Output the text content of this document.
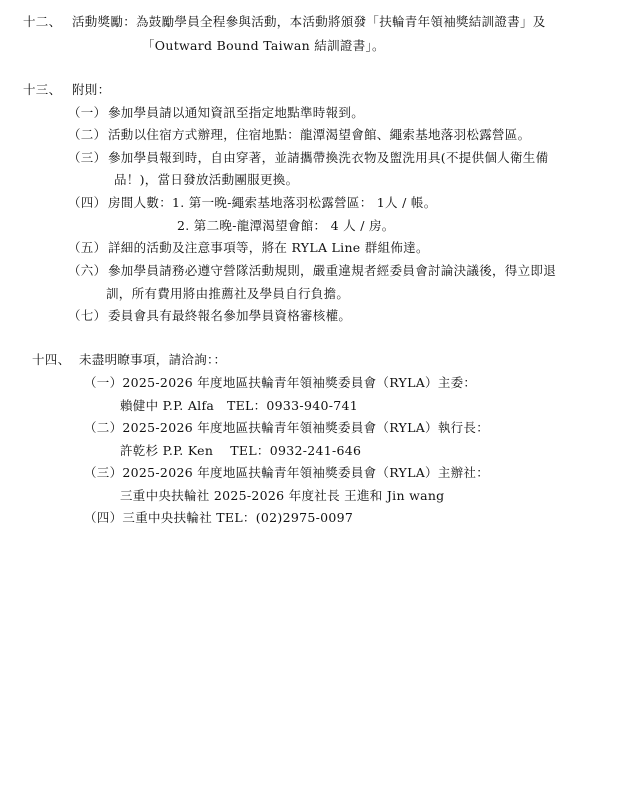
十二、 活動獎勵：為鼓勵學員全程參與活動，本活動將頒發「扶輪青年領袖獎結訓證書」及
「Outward Bound Taiwan 結訓證書」。
十三、 附則：
（一） 參加學員請以通知資訊至指定地點準時報到。
（二） 活動以住宿方式辦理，住宿地點：龍潭渴望會館、繩索基地落羽松露營區。
（三） 參加學員報到時，自由穿著，並請攜帶換洗衣物及盥洗用具(不提供個人衛生備
品！)，當日發放活動團服更換。
（四） 房間人數：1. 第一晚-繩索基地落羽松露營區： 1人 / 帳。
2. 第二晚-龍潭渴望會館： 4 人 / 房。
（五） 詳細的活動及注意事項等，將在 RYLA Line 群組佈達。
（六） 參加學員請務必遵守營隊活動規則，嚴重違規者經委員會討論決議後，得立即退
訓，所有費用將由推薦社及學員自行負擔。
（七） 委員會具有最終報名參加學員資格審核權。
十四、 未盡明瞭事項，請洽詢：：
（一）2025-2026 年度地區扶輪青年領袖獎委員會（RYLA）主委：
賴健中 P.P. Alfa　TEL：0933-940-741
（二）2025-2026 年度地區扶輪青年領袖獎委員會（RYLA）執行長：
許乾杉 P.P. Ken　 TEL：0932-241-646
（三）2025-2026 年度地區扶輪青年領袖獎委員會（RYLA）主辦社：
三重中央扶輪社 2025-2026 年度社長 王進和 Jin wang
（四）三重中央扶輪社 TEL：(02)2975-0097
